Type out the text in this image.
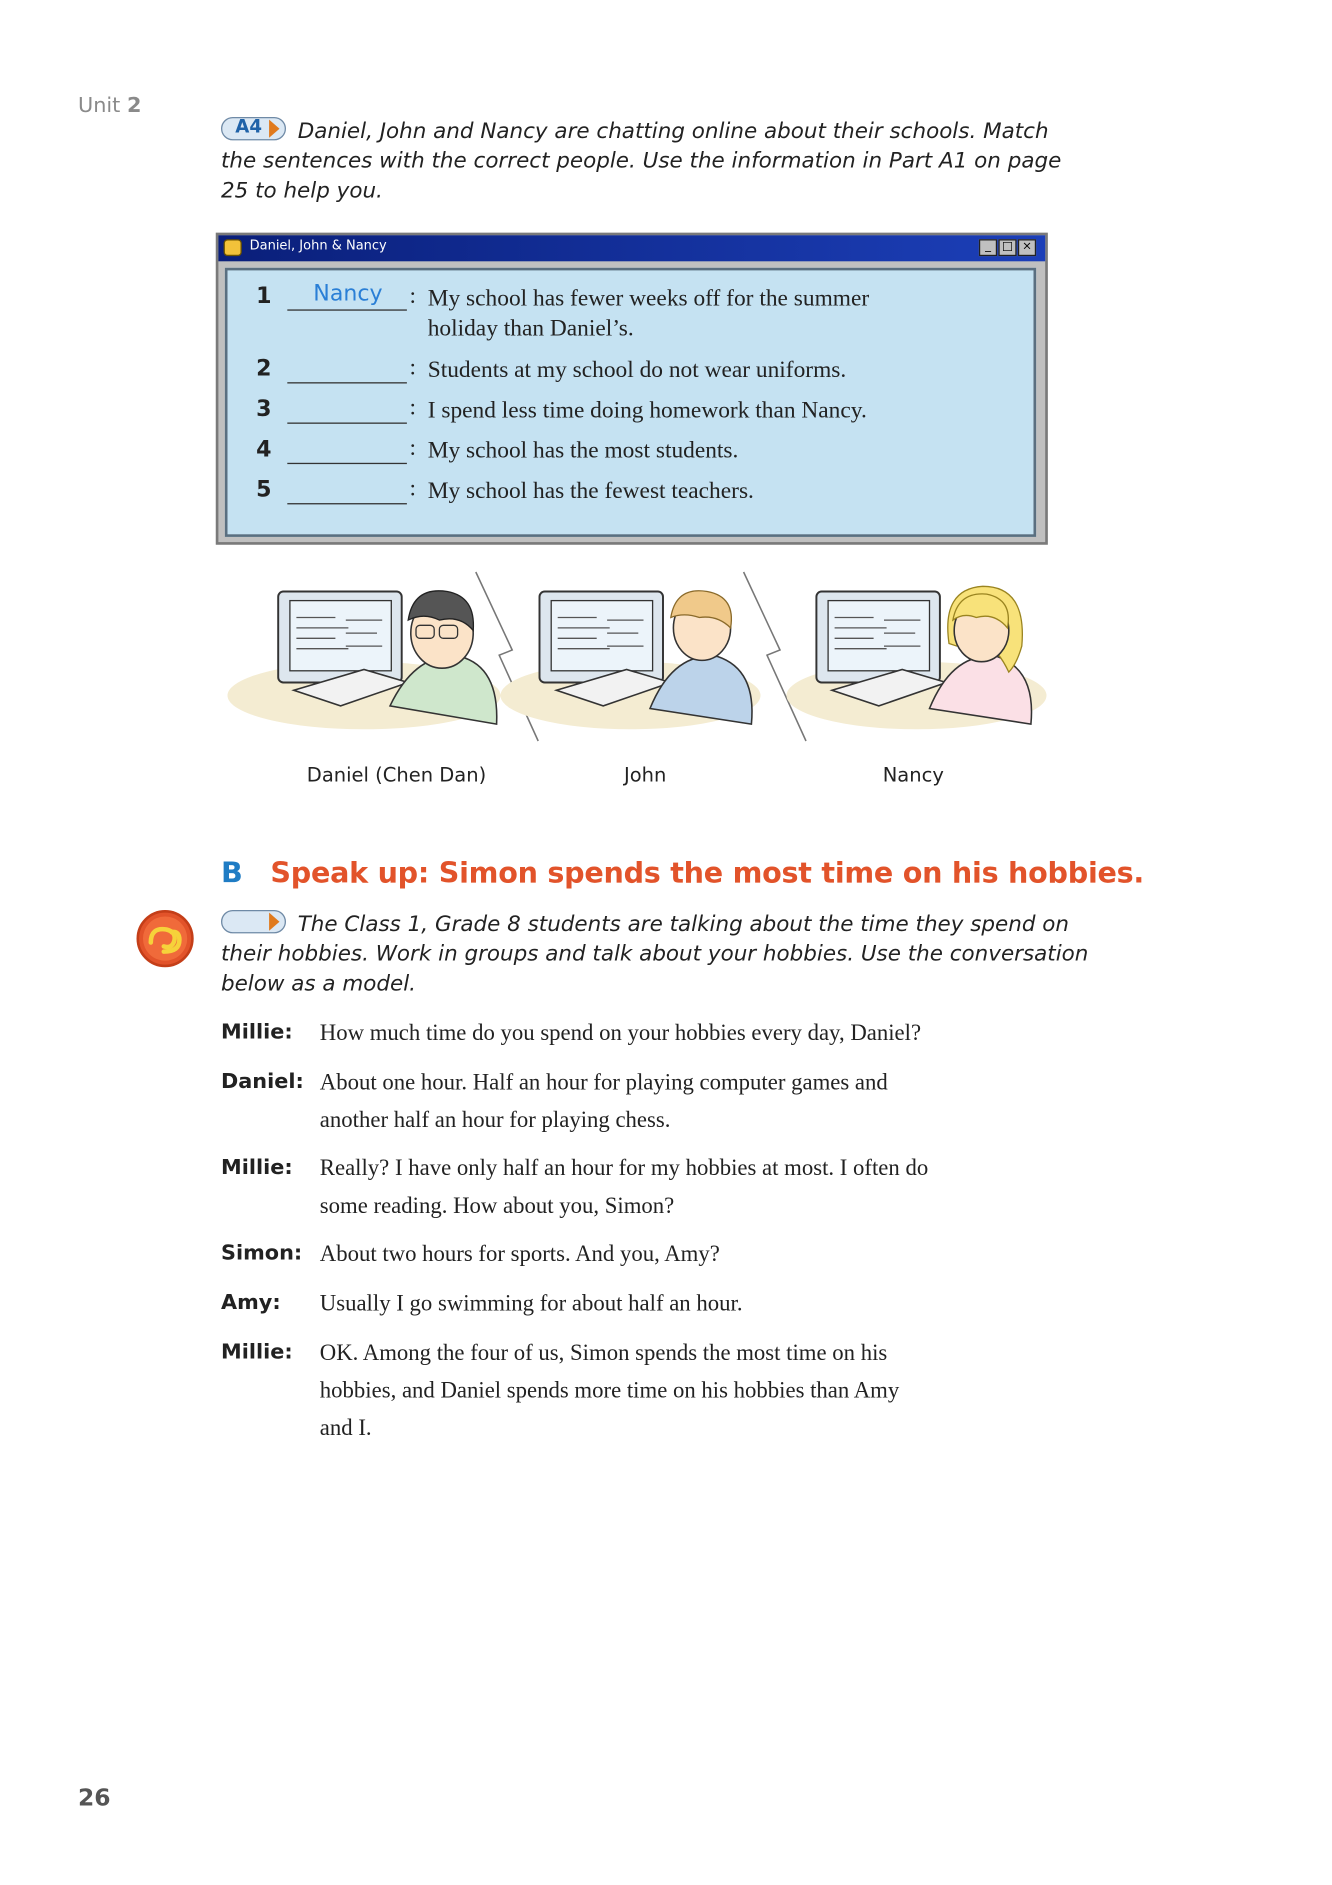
Unit 2
A4 Daniel, John and Nancy are chatting online about their schools. Match
the sentences with the correct people. Use the information in Part A1 on page
25 to help you.
Daniel, John & Nancy	_	□	×
1 Nancy : My school has fewer weeks off for the summer
holiday than Daniel’s.
2	: Students at my school do not wear uniforms.
3	: I spend less time doing homework than Nancy.
4	: My school has the most students.
5	: My school has the fewest teachers.
Daniel (Chen Dan)	John	Nancy
B Speak up: Simon spends the most time on his hobbies.
The Class 1, Grade 8 students are talking about the time they spend on
their hobbies. Work in groups and talk about your hobbies. Use the conversation
below as a model.
Millie: How much time do you spend on your hobbies every day, Daniel?
Daniel: About one hour. Half an hour for playing computer games and
another half an hour for playing chess.
Millie: Really? I have only half an hour for my hobbies at most. I often do
some reading. How about you, Simon?
Simon: About two hours for sports. And you, Amy?
Amy: Usually I go swimming for about half an hour.
Millie: OK. Among the four of us, Simon spends the most time on his
hobbies, and Daniel spends more time on his hobbies than Amy
and I.
26
